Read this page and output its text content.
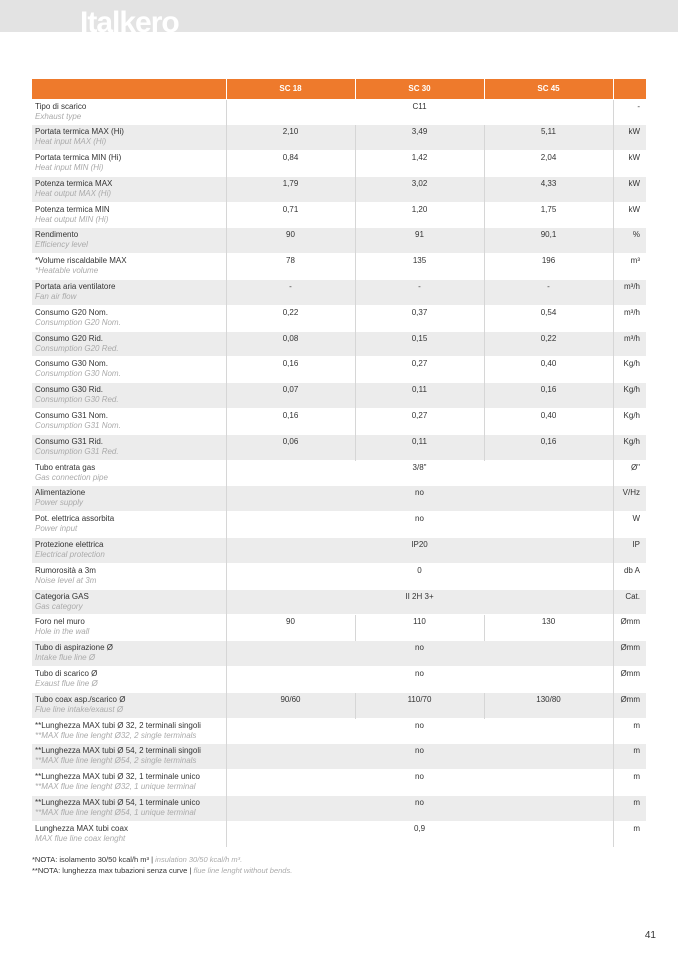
Italkero
	SC 18	SC 30	SC 45	

Tipo di scarico
Exhaust type	C11			-

Portata termica MAX (Hi)
Heat input MAX (Hi)	2,10	3,49	5,11	kW

Portata termica MIN (Hi)
Heat input MIN (Hi)	0,84	1,42	2,04	kW

Potenza termica MAX
Heat output MAX (Hi)	1,79	3,02	4,33	kW

Potenza termica MIN
Heat output MIN (Hi)	0,71	1,20	1,75	kW

Rendimento
Efficiency level	90	91	90,1	%

*Volume riscaldabile MAX
*Heatable volume	78	135	196	m³

Portata aria ventilatore
Fan air flow	-	-	-	m³/h

Consumo G20 Nom.
Consumption G20 Nom.	0,22	0,37	0,54	m³/h

Consumo G20 Rid.
Consumption G20 Red.	0,08	0,15	0,22	m³/h

Consumo G30 Nom.
Consumption G30 Nom.	0,16	0,27	0,40	Kg/h

Consumo G30 Rid.
Consumption G30 Red.	0,07	0,11	0,16	Kg/h

Consumo G31 Nom.
Consumption G31 Nom.	0,16	0,27	0,40	Kg/h

Consumo G31 Rid.
Consumption G31 Red.	0,06	0,11	0,16	Kg/h

Tubo entrata gas
Gas connection pipe	3/8"			Ø"

Alimentazione
Power supply	no			V/Hz

Pot. elettrica assorbita
Power input	no			W

Protezione elettrica
Electrical protection	IP20			IP

Rumorosità a 3m
Noise level at 3m	0			db A

Categoria GAS
Gas category	II 2H 3+			Cat.

Foro nel muro
Hole in the wall	90	110	130	Ømm

Tubo di aspirazione Ø
Intake flue line Ø	no			Ømm

Tubo di scarico Ø
Exaust flue line Ø	no			Ømm

Tubo coax asp./scarico Ø
Flue line intake/exaust Ø	90/60	110/70	130/80	Ømm

**Lunghezza MAX tubi Ø 32, 2 terminali singoli
**MAX flue line lenght Ø32, 2 single terminals	no			m

**Lunghezza MAX tubi Ø 54, 2 terminali singoli
**MAX flue line lenght Ø54, 2 single terminals	no			m

**Lunghezza MAX tubi Ø 32, 1 terminale unico
**MAX flue line lenght Ø32, 1 unique terminal	no			m

**Lunghezza MAX tubi Ø 54, 1 terminale unico
**MAX flue line lenght Ø54, 1 unique terminal	no			m

Lunghezza MAX tubi coax
MAX flue line coax lenght	0,9			m
*NOTA: isolamento 30/50 kcal/h m³ | insulation 30/50 kcal/h m³.
**NOTA: lunghezza max tubazioni senza curve | flue line lenght without bends.
41
